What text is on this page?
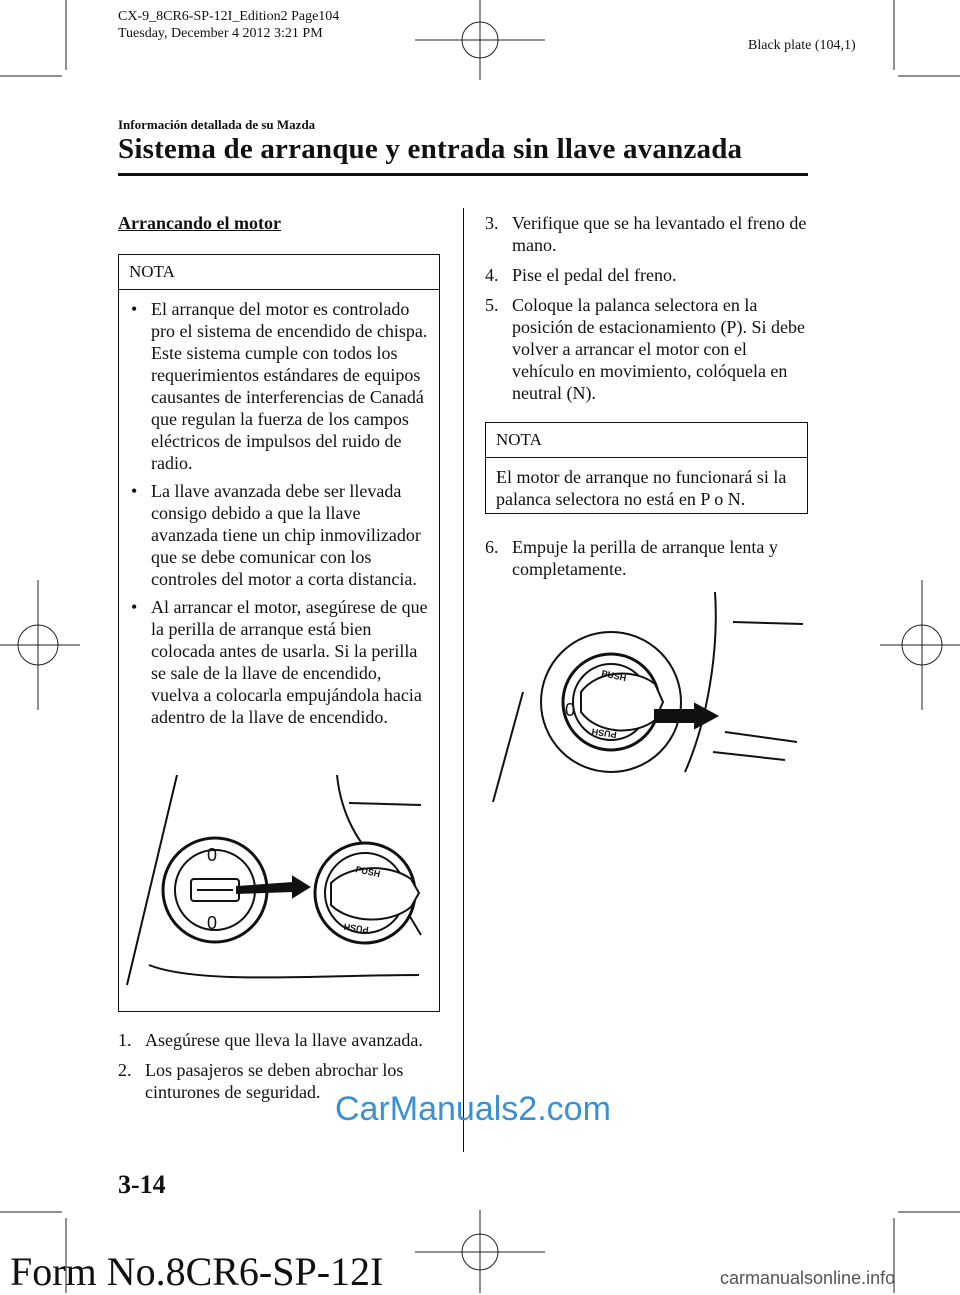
CX-9_8CR6-SP-12I_Edition2 Page104
Tuesday, December 4 2012 3:21 PM
Black plate (104,1)
Información detallada de su Mazda
Sistema de arranque y entrada sin llave avanzada
Arrancando el motor
NOTA
• El arranque del motor es controlado pro el sistema de encendido de chispa.
Este sistema cumple con todos los requerimientos estándares de equipos causantes de interferencias de Canadá que regulan la fuerza de los campos eléctricos de impulsos del ruido de radio.
• La llave avanzada debe ser llevada consigo debido a que la llave avanzada tiene un chip inmovilizador que se debe comunicar con los controles del motor a corta distancia.
• Al arrancar el motor, asegúrese de que la perilla de arranque está bien colocada antes de usarla. Si la perilla se sale de la llave de encendido, vuelva a colocarla empujándola hacia adentro de la llave de encendido.
PUSH
PUSH
0
0
1. Asegúrese que lleva la llave avanzada.
2. Los pasajeros se deben abrochar los cinturones de seguridad.
3. Verifique que se ha levantado el freno de mano.
4. Pise el pedal del freno.
5. Coloque la palanca selectora en la posición de estacionamiento (P). Si debe volver a arrancar el motor con el vehículo en movimiento, colóquela en neutral (N).
NOTA
El motor de arranque no funcionará si la palanca selectora no está en P o N.
6. Empuje la perilla de arranque lenta y completamente.
PUSH
PUSH
0
3-14
CarManuals2.com
Form No.8CR6-SP-12I	carmanualsonline.info
